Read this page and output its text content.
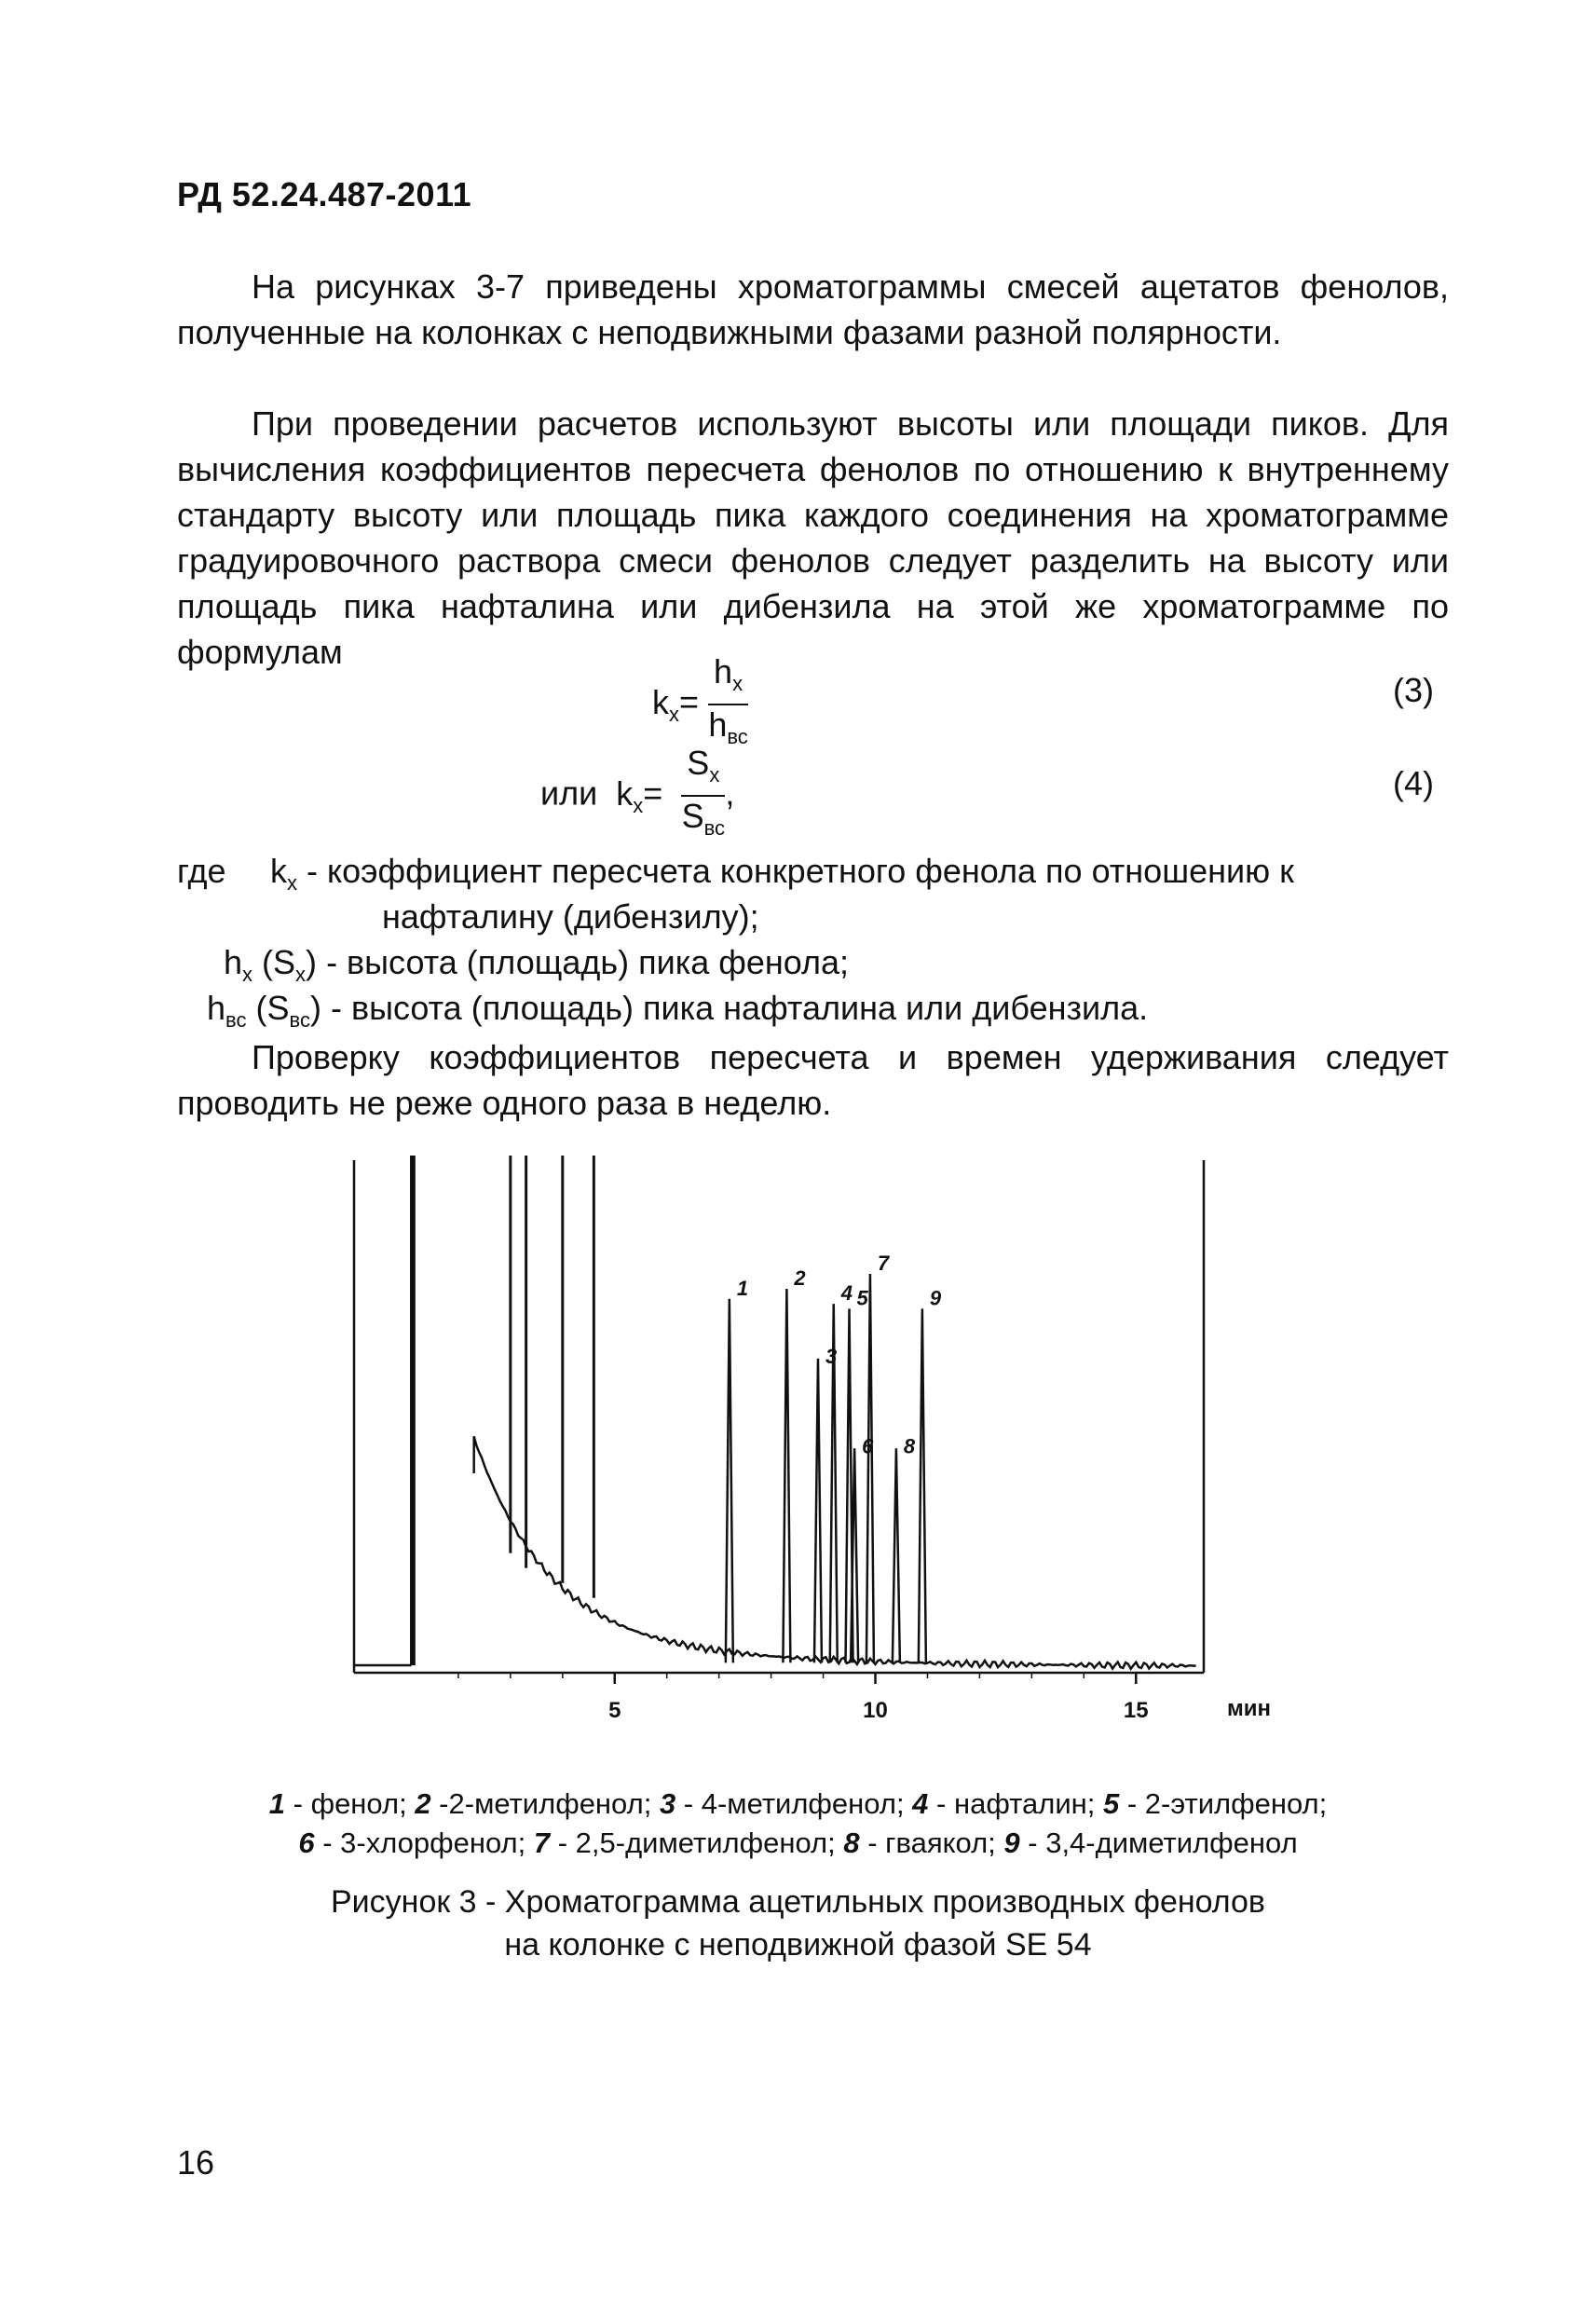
РД 52.24.487-2011
На рисунках 3-7 приведены хроматограммы смесей ацетатов фенолов, полученные на колонках с неподвижными фазами разной полярности.
При проведении расчетов используют высоты или площади пиков. Для вычисления коэффициентов пересчета фенолов по отношению к внутреннему стандарту высоту или площадь пика каждого соединения на хроматограмме градуировочного раствора смеси фенолов следует разделить на высоту или площадь пика нафталина или дибензила на этой же хроматограмме по формулам
$k_x= \frac{h_x}{h_{вс}}$	(3)
или $k_x= \frac{S_x}{S_{вс}}$ ,	(4)
где $k_x$ - коэффициент пересчета конкретного фенола по отношению к
нафталину (дибензилу);
$h_x$ $(S_x)$ - высота (площадь) пика фенола;
$h_{вс}$ $(S_{вс})$ - высота (площадь) пика нафталина или дибензила.
Проверку коэффициентов пересчета и времен удерживания следует проводить не реже одного раза в неделю.
1 2
3
4 5
6
7
8
9
5	10	15	мин
1 - фенол; 2 -2-метилфенол; 3 - 4-метилфенол; 4 - нафталин; 5 - 2-этилфенол;
6 - 3-хлорфенол; 7 - 2,5-диметилфенол; 8 - гваякол; 9 - 3,4-диметилфенол
Рисунок 3 - Хроматограмма ацетильных производных фенолов
на колонке с неподвижной фазой SE 54
16
